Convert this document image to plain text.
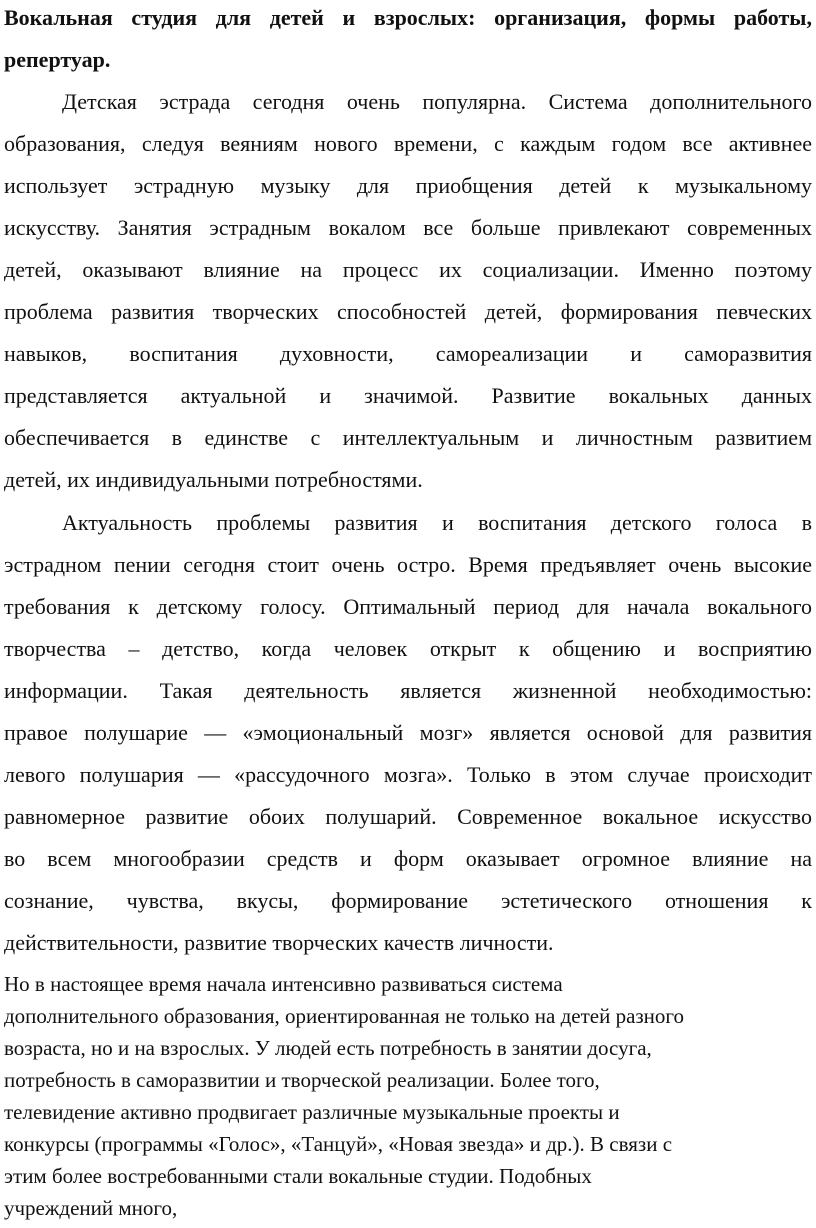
Вокальная студия для детей и взрослых: организация, формы работы,
репертуар.
Детская эстрада сегодня очень популярна. Система дополнительного
образования, следуя веяниям нового времени, с каждым годом все активнее
использует эстрадную музыку для приобщения детей к музыкальному
искусству. Занятия эстрадным вокалом все больше привлекают современных
детей, оказывают влияние на процесс их социализации. Именно поэтому
проблема развития творческих способностей детей, формирования певческих
навыков, воспитания духовности, самореализации и саморазвития
представляется актуальной и значимой. Развитие вокальных данных
обеспечивается в единстве с интеллектуальным и личностным развитием
детей, их индивидуальными потребностями.
Актуальность проблемы развития и воспитания детского голоса в
эстрадном пении сегодня стоит очень остро. Время предъявляет очень высокие
требования к детскому голосу. Оптимальный период для начала вокального
творчества – детство, когда человек открыт к общению и восприятию
информации. Такая деятельность является жизненной необходимостью:
правое полушарие — «эмоциональный мозг» является основой для развития
левого полушария — «рассудочного мозга». Только в этом случае происходит
равномерное развитие обоих полушарий. Современное вокальное искусство
во всем многообразии средств и форм оказывает огромное влияние на
сознание, чувства, вкусы, формирование эстетического отношения к
действительности, развитие творческих качеств личности.
Но в настоящее время начала интенсивно развиваться система
дополнительного образования, ориентированная не только на детей разного
возраста, но и на взрослых. У людей есть потребность в занятии досуга,
потребность в саморазвитии и творческой реализации. Более того,
телевидение активно продвигает различные музыкальные проекты и
конкурсы (программы «Голос», «Танцуй», «Новая звезда» и др.). В связи с
этим более востребованными стали вокальные студии. Подобных
учреждений много,
